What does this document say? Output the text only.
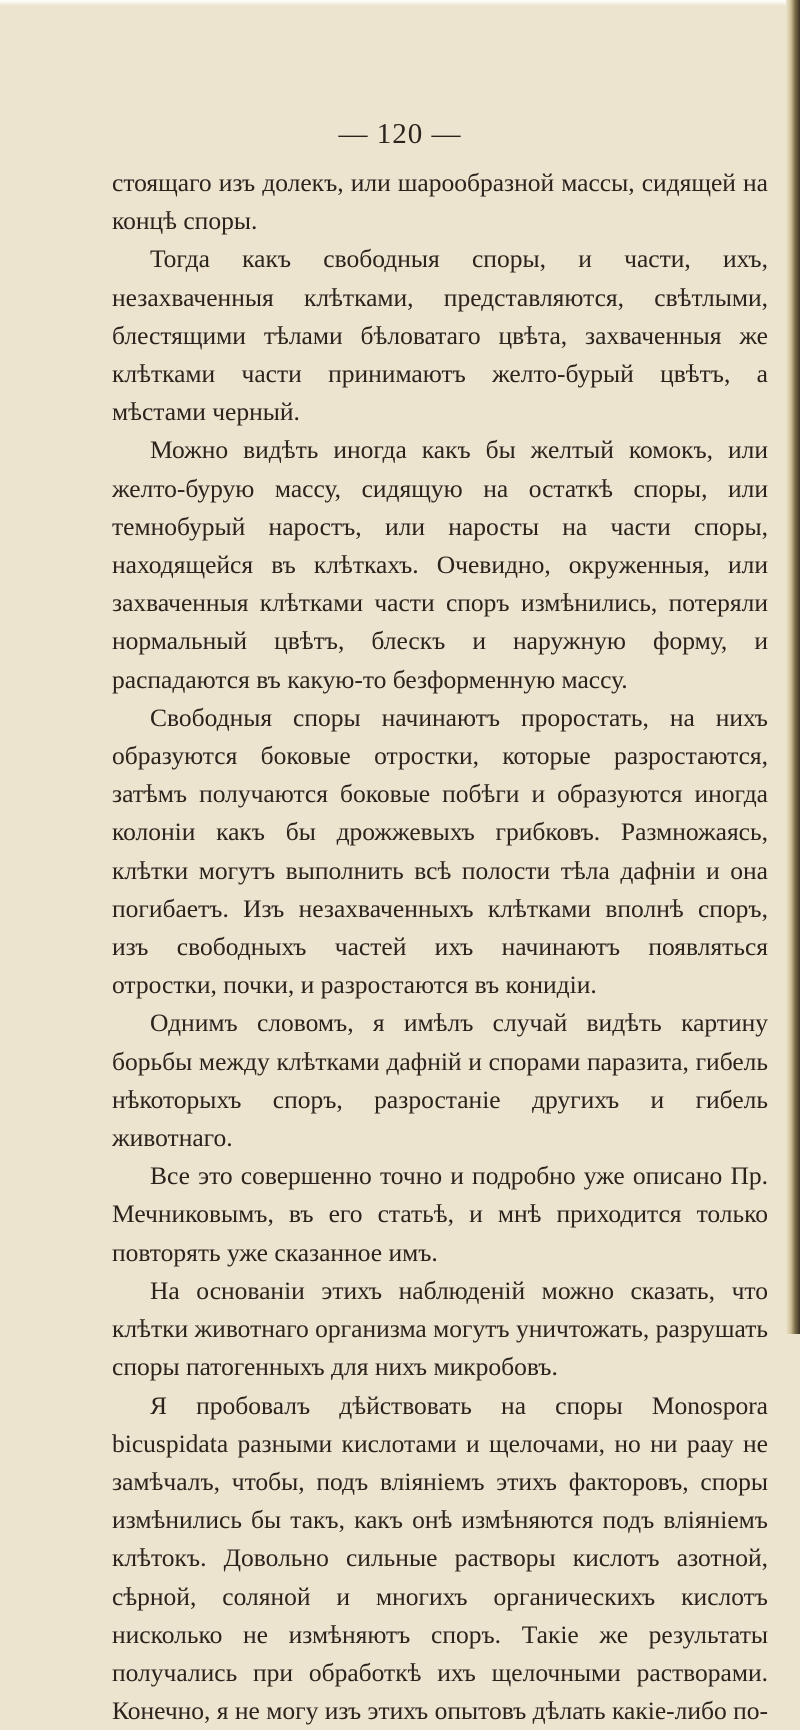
— 120 —

стоящаго изъ долекъ, или шарообразной массы, сидящей на концѣ споры.

Тогда какъ свободныя споры, и части, ихъ, незахваченныя клѣтками, представляются, свѣтлыми, блестящими тѣлами бѣловатаго цвѣта, захваченныя же клѣтками части принимаютъ желто-бурый цвѣтъ, а мѣстами черный.

Можно видѣть иногда какъ бы желтый комокъ, или желто-бурую массу, сидящую на остаткѣ споры, или темнобурый наростъ, или наросты на части споры, находящейся въ клѣткахъ. Очевидно, окруженныя, или захваченныя клѣтками части споръ измѣнились, потеряли нормальный цвѣтъ, блескъ и наружную форму, и распадаются въ какую-то безформенную массу.

Свободныя споры начинаютъ проростать, на нихъ образуются боковые отростки, которые разростаются, затѣмъ получаются боковые побѣги и образуются иногда колоніи какъ бы дрожжевыхъ грибковъ. Размножаясь, клѣтки могутъ выполнить всѣ полости тѣла дафніи и она погибаетъ. Изъ незахваченныхъ клѣтками вполнѣ споръ, изъ свободныхъ частей ихъ начинаютъ появляться отростки, почки, и разростаются въ конидіи.

Однимъ словомъ, я имѣлъ случай видѣть картину борьбы между клѣтками дафній и спорами паразита, гибель нѣкоторыхъ споръ, разростаніе другихъ и гибель животнаго.

Все это совершенно точно и подробно уже описано Пр. Мечниковымъ, въ его статьѣ, и мнѣ приходится только повторять уже сказанное имъ.

На основаніи этихъ наблюденій можно сказать, что клѣтки животнаго организма могутъ уничтожать, разрушать споры патогенныхъ для нихъ микробовъ.

Я пробовалъ дѣйствовать на споры Monospora bicuspidata разными кислотами и щелочами, но ни раау не замѣчалъ, чтобы, подъ вліяніемъ этихъ факторовъ, споры измѣнились бы такъ, какъ онѣ измѣняются подъ вліяніемъ клѣтокъ. Довольно сильные растворы кислотъ азотной, сѣрной, соляной и многихъ органическихъ кислотъ нисколько не измѣняютъ споръ. Такіе же результаты получались при обработкѣ ихъ щелочными растворами. Конечно, я не могу изъ этихъ опытовъ дѣлать какіе-либо по-
